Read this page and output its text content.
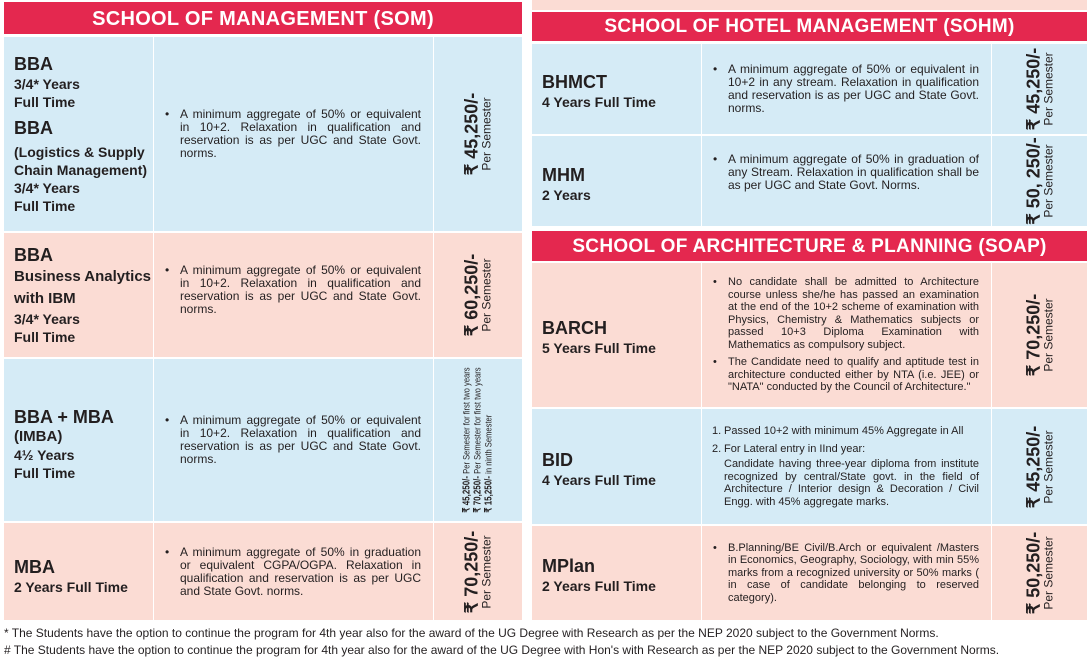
SCHOOL OF MANAGEMENT (SOM)
BBA
3/4* Years
Full Time
BBA
(Logistics & Supply
Chain Management)
3/4* Years
Full Time
• A minimum aggregate of 50% or equivalent in 10+2. Relaxation in qualification and reservation is as per UGC and State Govt. norms.	₹ 45,250/-
Per Semester
BBA
Business Analytics
with IBM
3/4* Years
Full Time
• A minimum aggregate of 50% or equivalent in 10+2. Relaxation in qualification and reservation is as per UGC and State Govt. norms.	₹ 60,250/-
Per Semester
BBA + MBA
(IMBA)
4½ Years
Full Time
• A minimum aggregate of 50% or equivalent in 10+2. Relaxation in qualification and reservation is as per UGC and State Govt. norms.
₹ 45,250/- Per Semester for first two years
₹ 70,250/- Per Semester for first two years
₹ 15,250/- in ninth Semester
MBA
2 Years Full Time
• A minimum aggregate of 50% in graduation or equivalent CGPA/OGPA. Relaxation in qualification and reservation is as per UGC and State Govt. norms.	₹ 70,250/-
Per Semester
SCHOOL OF HOTEL MANAGEMENT (SOHM)
BHMCT
4 Years Full Time
• A minimum aggregate of 50% or equivalent in 10+2 in any stream. Relaxation in qualification and reservation is as per UGC and State Govt. norms.	₹ 45,250/-
Per Semester
MHM
2 Years
• A minimum aggregate of 50% in graduation of any Stream. Relaxation in qualification shall be as per UGC and State Govt. Norms.	₹ 50, 250/-
Per Semester
SCHOOL OF ARCHITECTURE & PLANNING (SOAP)
BARCH
5 Years Full Time
• No candidate shall be admitted to Architecture course unless she/he has passed an examination at the end of the 10+2 scheme of examination with Physics, Chemistry & Mathematics subjects or passed 10+3 Diploma Examination with Mathematics as compulsory subject.
• The Candidate need to qualify and aptitude test in architecture conducted either by NTA (i.e. JEE) or "NATA" conducted by the Council of Architecture."
₹ 70,250/-
Per Semester
BID
4 Years Full Time
1. Passed 10+2 with minimum 45% Aggregate in All
2. For Lateral entry in IInd year:
Candidate having three-year diploma from institute recognized by central/State govt. in the field of Architecture / Interior design & Decoration / Civil Engg. with 45% aggregate marks.	₹ 45,250/-
Per Semester
MPlan
2 Years Full Time
• B.Planning/BE Civil/B.Arch or equivalent /Masters in Economics, Geography, Sociology, with min 55% marks from a recognized university or 50% marks ( in case of candidate belonging to reserved category).	₹ 50,250/-
Per Semester
* The Students have the option to continue the program for 4th year also for the award of the UG Degree with Research as per the NEP 2020 subject to the Government Norms.
# The Students have the option to continue the program for 4th year also for the award of the UG Degree with Hon's with Research as per the NEP 2020 subject to the Government Norms.
